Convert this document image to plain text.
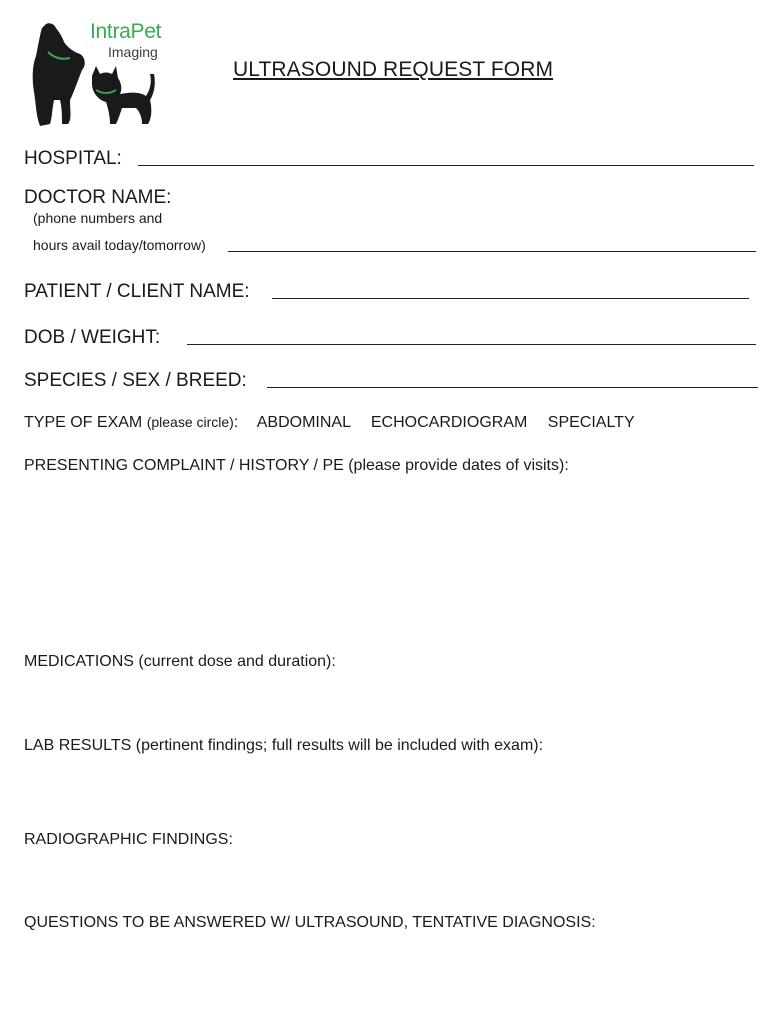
IntraPet
Imaging
ULTRASOUND REQUEST FORM
HOSPITAL:
DOCTOR NAME:
(phone numbers and
hours avail today/tomorrow)
PATIENT / CLIENT NAME:
DOB / WEIGHT:
SPECIES / SEX / BREED:
TYPE OF EXAM (please circle): ABDOMINAL ECHOCARDIOGRAM SPECIALTY
PRESENTING COMPLAINT / HISTORY / PE (please provide dates of visits):
MEDICATIONS (current dose and duration):
LAB RESULTS (pertinent findings; full results will be included with exam):
RADIOGRAPHIC FINDINGS:
QUESTIONS TO BE ANSWERED W/ ULTRASOUND, TENTATIVE DIAGNOSIS:
